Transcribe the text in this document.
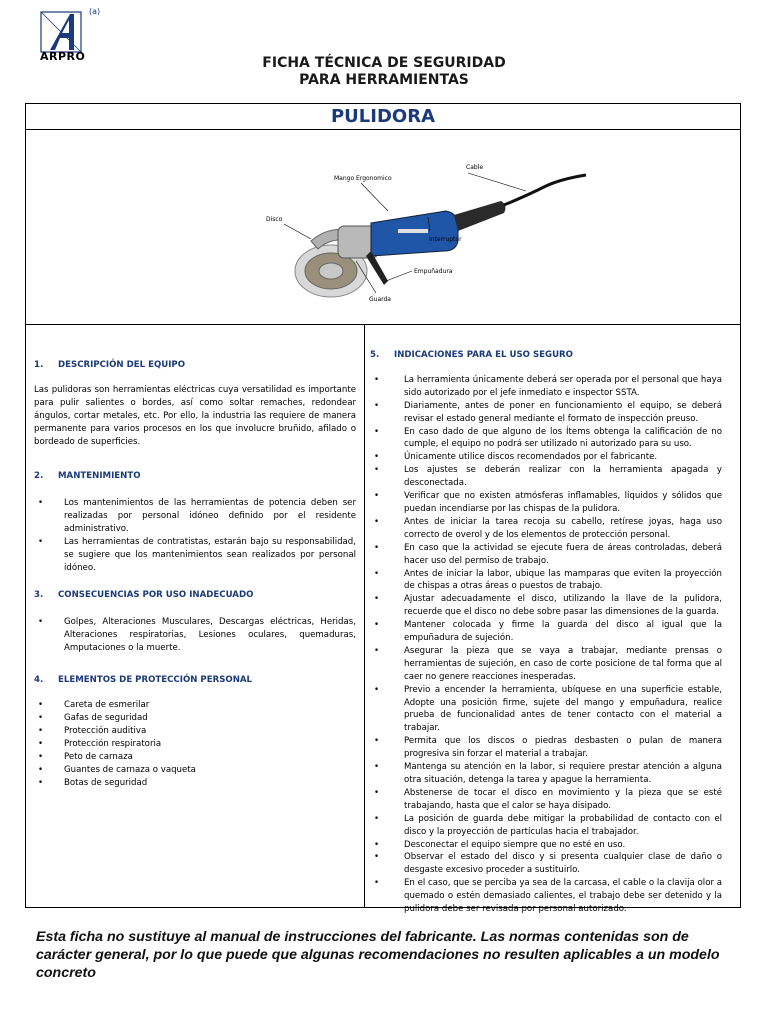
(a)
ARPRO	FICHA TÉCNICA DE SEGURIDAD
PARA HERRAMIENTAS
PULIDORA
Mango Ergonomico
Cable
Disco
Interruptor
Empuñadura
Guarda

1. DESCRIPCIÓN DEL EQUIPO

Las pulidoras son herramientas eléctricas cuya versatilidad es importante para pulir salientes o bordes, así como soltar remaches, redondear ángulos, cortar metales, etc. Por ello, la industria las requiere de manera permanente para varios procesos en los que involucre bruñido, afilado o bordeado de superficies.

2. MANTENIMIENTO

• Los mantenimientos de las herramientas de potencia deben ser realizadas por personal idóneo definido por el residente administrativo.
• Las herramientas de contratistas, estarán bajo su responsabilidad, se sugiere que los mantenimientos sean realizados por personal idóneo.

3. CONSECUENCIAS POR USO INADECUADO

• Golpes, Alteraciones Musculares, Descargas eléctricas, Heridas, Alteraciones respiratorias, Lesiones oculares, quemaduras, Amputaciones o la muerte.

4. ELEMENTOS DE PROTECCIÓN PERSONAL

• Careta de esmerilar
• Gafas de seguridad
• Protección auditiva
• Protección respiratoria
• Peto de carnaza
• Guantes de carnaza o vaqueta
• Botas de seguridad

5. INDICACIONES PARA EL USO SEGURO

• La herramienta únicamente deberá ser operada por el personal que haya sido autorizado por el jefe inmediato e inspector SSTA.
• Diariamente, antes de poner en funcionamiento el equipo, se deberá revisar el estado general mediante el formato de inspección preuso.
• En caso dado de que alguno de los Ítems obtenga la calificación de no cumple, el equipo no podrá ser utilizado ni autorizado para su uso.
• Únicamente utilice discos recomendados por el fabricante.
• Los ajustes se deberán realizar con la herramienta apagada y desconectada.
• Verificar que no existen atmósferas inflamables, líquidos y sólidos que puedan incendiarse por las chispas de la pulidora.
• Antes de iniciar la tarea recoja su cabello, retírese joyas, haga uso correcto de overol y de los elementos de protección personal.
• En caso que la actividad se ejecute fuera de áreas controladas, deberá hacer uso del permiso de trabajo.
• Antes de iniciar la labor, ubique las mamparas que eviten la proyección de chispas a otras áreas o puestos de trabajo.
• Ajustar adecuadamente el disco, utilizando la llave de la pulidora, recuerde que el disco no debe sobre pasar las dimensiones de la guarda.
• Mantener colocada y firme la guarda del disco al igual que la empuñadura de sujeción.
• Asegurar la pieza que se vaya a trabajar, mediante prensas o herramientas de sujeción, en caso de corte posicione de tal forma que al caer no genere reacciones inesperadas.
• Previo a encender la herramienta, ubíquese en una superficie estable, Adopte una posición firme, sujete del mango y empuñadura, realice prueba de funcionalidad antes de tener contacto con el material a trabajar.
• Permita que los discos o piedras desbasten o pulan de manera progresiva sin forzar el material a trabajar.
• Mantenga su atención en la labor, si requiere prestar atención a alguna otra situación, detenga la tarea y apague la herramienta.
• Abstenerse de tocar el disco en movimiento y la pieza que se esté trabajando, hasta que el calor se haya disipado.
• La posición de guarda debe mitigar la probabilidad de contacto con el disco y la proyección de partículas hacia el trabajador.
• Desconectar el equipo siempre que no esté en uso.
• Observar el estado del disco y si presenta cualquier clase de daño o desgaste excesivo proceder a sustituirlo.
• En el caso, que se perciba ya sea de la carcasa, el cable o la clavija olor a quemado o estén demasiado calientes, el trabajo debe ser detenido y la pulidora debe ser revisada por personal autorizado.
Esta ficha no sustituye al manual de instrucciones del fabricante. Las normas contenidas son de carácter general, por lo que puede que algunas recomendaciones no resulten aplicables a un modelo concreto
